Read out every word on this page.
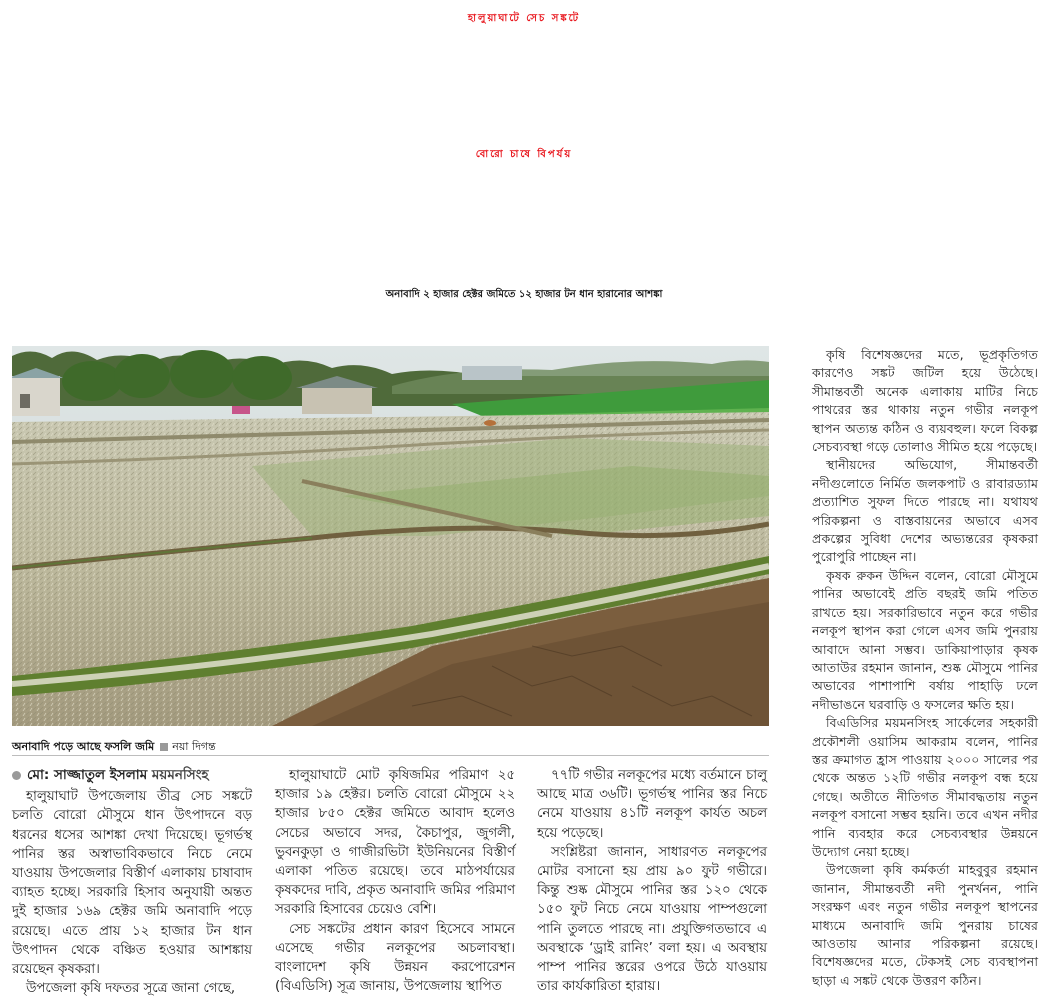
হালুয়াঘাটে সেচ সঙ্কটে
বোরো চাষে বিপর্যয়
অনাবাদি ২ হাজার হেক্টর জমিতে ১২ হাজার টন ধান হারানোর আশঙ্কা
অনাবাদি পড়ে আছে ফসলি জমি নয়া দিগন্ত

মো: সাজ্জাতুল ইসলাম ময়মনসিংহ

হালুয়াঘাট উপজেলায় তীব্র সেচ সঙ্কটে চলতি বোরো মৌসুমে ধান উৎপাদনে বড় ধরনের ধসের আশঙ্কা দেখা দিয়েছে। ভূগর্ভস্থ পানির স্তর অস্বাভাবিকভাবে নিচে নেমে যাওয়ায় উপজেলার বিস্তীর্ণ এলাকায় চাষাবাদ ব্যাহত হচ্ছে। সরকারি হিসাব অনুযায়ী অন্তত দুই হাজার ১৬৯ হেক্টর জমি অনাবাদি পড়ে রয়েছে। এতে প্রায় ১২ হাজার টন ধান উৎপাদন থেকে বঞ্চিত হওয়ার আশঙ্কায় রয়েছেন কৃষকরা।

উপজেলা কৃষি দফতর সূত্রে জানা গেছে,

হালুয়াঘাটে মোট কৃষিজমির পরিমাণ ২৫ হাজার ১৯ হেক্টর। চলতি বোরো মৌসুমে ২২ হাজার ৮৫০ হেক্টর জমিতে আবাদ হলেও সেচের অভাবে সদর, কৈচাপুর, জুগলী, ভুবনকুড়া ও গাজীরভিটা ইউনিয়নের বিস্তীর্ণ এলাকা পতিত রয়েছে। তবে মাঠপর্যায়ের কৃষকদের দাবি, প্রকৃত অনাবাদি জমির পরিমাণ সরকারি হিসাবের চেয়েও বেশি।

সেচ সঙ্কটের প্রধান কারণ হিসেবে সামনে এসেছে গভীর নলকূপের অচলাবস্থা। বাংলাদেশ কৃষি উন্নয়ন করপোরেশন (বিএডিসি) সূত্র জানায়, উপজেলায় স্থাপিত

৭৭টি গভীর নলকূপের মধ্যে বর্তমানে চালু আছে মাত্র ৩৬টি। ভূগর্ভস্থ পানির স্তর নিচে নেমে যাওয়ায় ৪১টি নলকূপ কার্যত অচল হয়ে পড়েছে।

সংশ্লিষ্টরা জানান, সাধারণত নলকূপের মোটর বসানো হয় প্রায় ৯০ ফুট গভীরে। কিন্তু শুষ্ক মৌসুমে পানির স্তর ১২০ থেকে ১৫০ ফুট নিচে নেমে যাওয়ায় পাম্পগুলো পানি তুলতে পারছে না। প্রযুক্তিগতভাবে এ অবস্থাকে ‘ড্রাই রানিং’ বলা হয়। এ অবস্থায় পাম্প পানির স্তরের ওপরে উঠে যাওয়ায় তার কার্যকারিতা হারায়।

কৃষি বিশেষজ্ঞদের মতে, ভূপ্রকৃতিগত কারণেও সঙ্কট জটিল হয়ে উঠেছে। সীমান্তবর্তী অনেক এলাকায় মাটির নিচে পাথরের স্তর থাকায় নতুন গভীর নলকূপ স্থাপন অত্যন্ত কঠিন ও ব্যয়বহুল। ফলে বিকল্প সেচব্যবস্থা গড়ে তোলাও সীমিত হয়ে পড়েছে।

স্থানীয়দের অভিযোগ, সীমান্তবর্তী নদীগুলোতে নির্মিত জলকপাট ও রাবারড্যাম প্রত্যাশিত সুফল দিতে পারছে না। যথাযথ পরিকল্পনা ও বাস্তবায়নের অভাবে এসব প্রকল্পের সুবিধা দেশের অভ্যন্তরের কৃষকরা পুরোপুরি পাচ্ছেন না।

কৃষক রুকন উদ্দিন বলেন, বোরো মৌসুমে পানির অভাবেই প্রতি বছরই জমি পতিত রাখতে হয়। সরকারিভাবে নতুন করে গভীর নলকূপ স্থাপন করা গেলে এসব জমি পুনরায় আবাদে আনা সম্ভব। ডাকিয়াপাড়ার কৃষক আতাউর রহমান জানান, শুষ্ক মৌসুমে পানির অভাবের পাশাপাশি বর্ষায় পাহাড়ি ঢলে নদীভাঙনে ঘরবাড়ি ও ফসলের ক্ষতি হয়।

বিএডিসির ময়মনসিংহ সার্কেলের সহকারী প্রকৌশলী ওয়াসিম আকরাম বলেন, পানির স্তর ক্রমাগত হ্রাস পাওয়ায় ২০০০ সালের পর থেকে অন্তত ১২টি গভীর নলকূপ বন্ধ হয়ে গেছে। অতীতে নীতিগত সীমাবদ্ধতায় নতুন নলকূপ বসানো সম্ভব হয়নি। তবে এখন নদীর পানি ব্যবহার করে সেচব্যবস্থার উন্নয়নে উদ্যোগ নেয়া হচ্ছে।

উপজেলা কৃষি কর্মকর্তা মাহবুবুর রহমান জানান, সীমান্তবর্তী নদী পুনর্খনন, পানি সংরক্ষণ এবং নতুন গভীর নলকূপ স্থাপনের মাধ্যমে অনাবাদি জমি পুনরায় চাষের আওতায় আনার পরিকল্পনা রয়েছে। বিশেষজ্ঞদের মতে, টেকসই সেচ ব্যবস্থাপনা ছাড়া এ সঙ্কট থেকে উত্তরণ কঠিন।
